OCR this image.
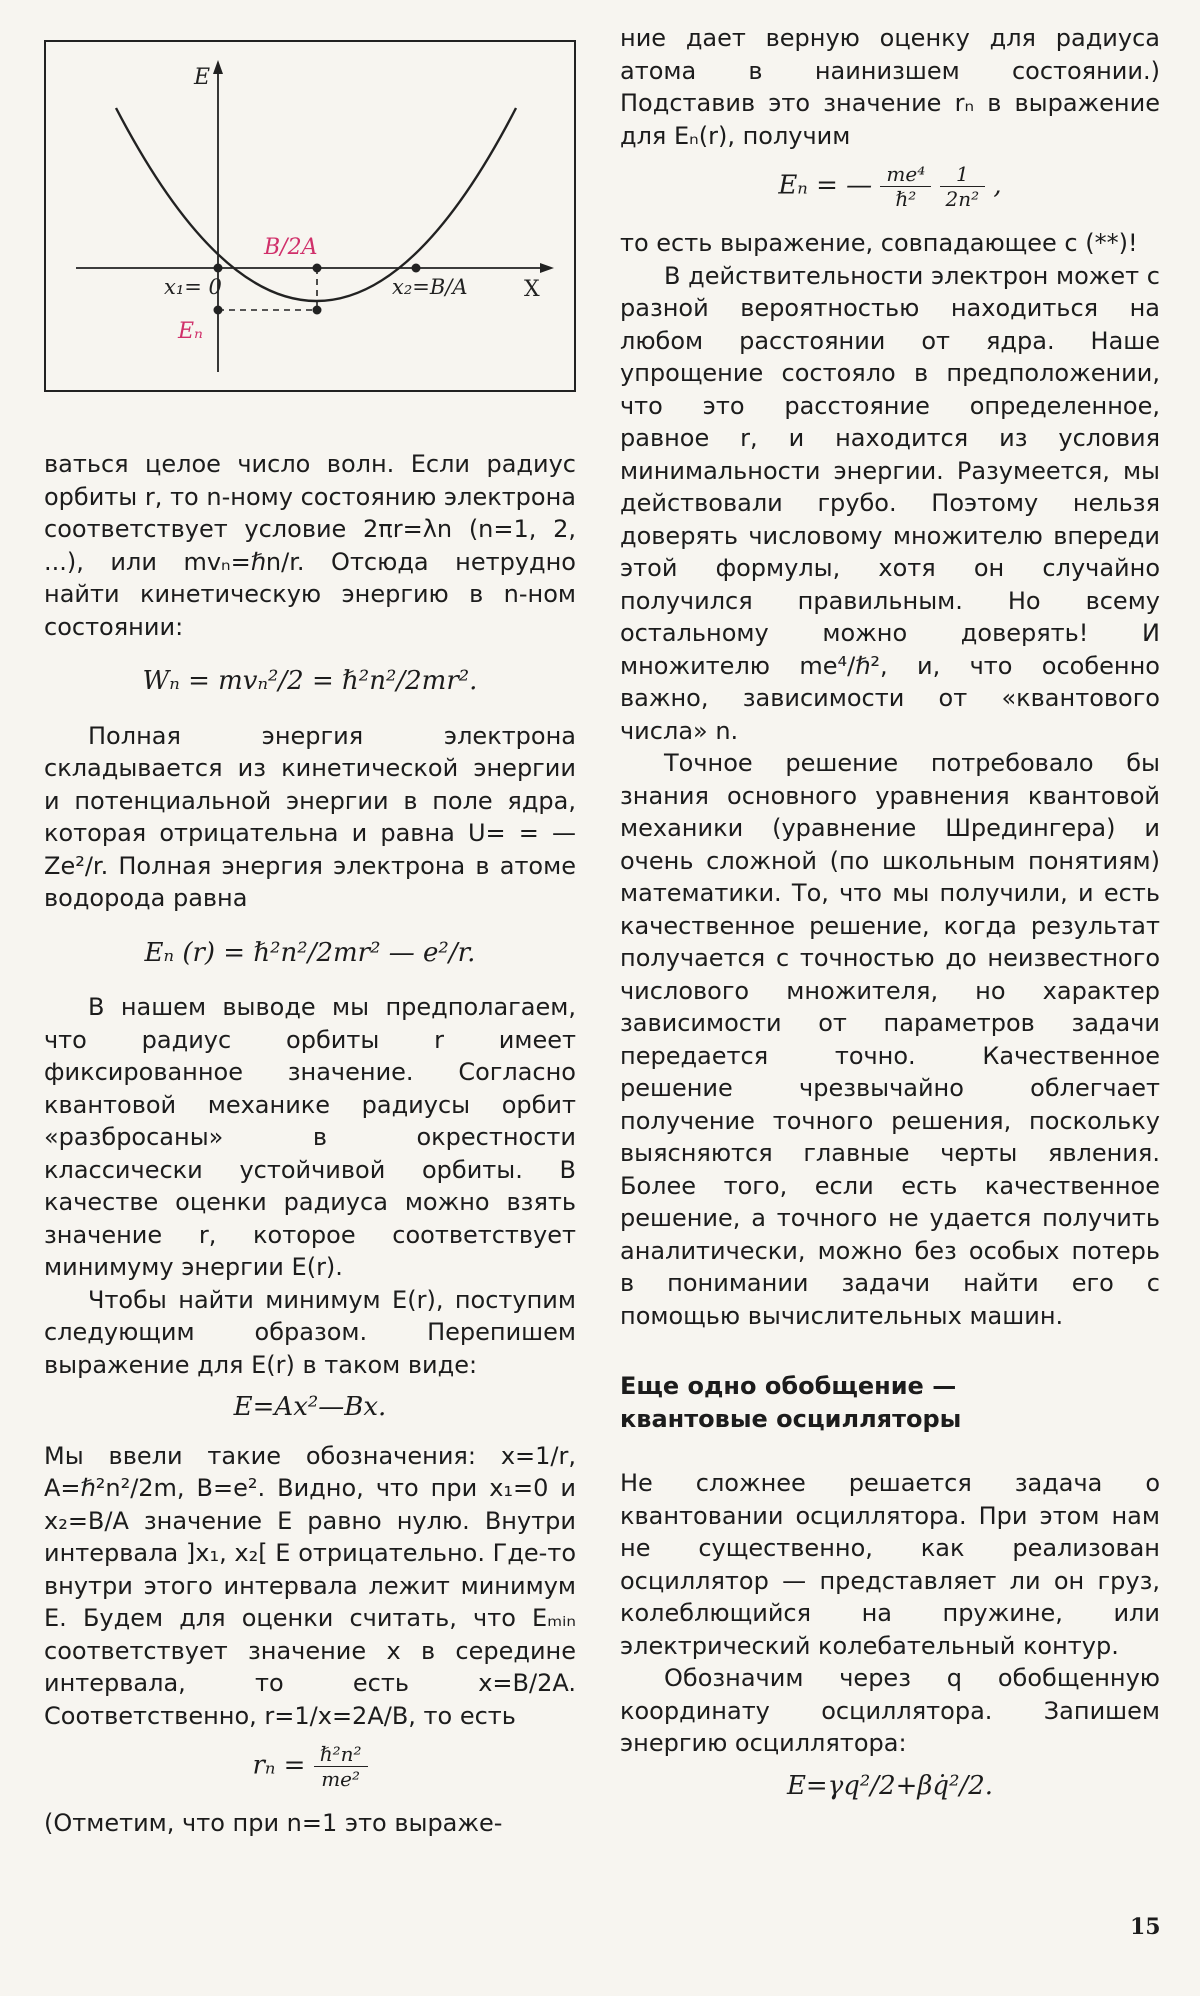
E
X
x₁= 0	x₂=B/A
B/2A
Eₙ

ваться целое число волн. Если радиус орбиты r, то n-ному состоянию электрона соответствует условие 2πr=λn (n=1, 2, ...), или mvₙ=ℏn/r. Отсюда нетрудно найти кинетическую энергию в n-ном состоянии:

Wₙ = mvₙ²/2 = ℏ²n²/2mr².

Полная энергия электрона складывается из кинетической энергии и потенциальной энергии в поле ядра, которая отрицательна и равна U= = —Ze²/r. Полная энергия электрона в атоме водорода равна

Eₙ (r) = ℏ²n²/2mr² — e²/r.

В нашем выводе мы предполагаем, что радиус орбиты r имеет фиксированное значение. Согласно квантовой механике радиусы орбит «разбросаны» в окрестности классически устойчивой орбиты. В качестве оценки радиуса можно взять значение r, которое соответствует минимуму энергии E(r).

Чтобы найти минимум E(r), поступим следующим образом. Перепишем выражение для E(r) в таком виде:

E=Ax²—Bx.

Мы ввели такие обозначения: x=1/r, A=ℏ²n²/2m, B=e². Видно, что при x₁=0 и x₂=B/A значение E равно нулю. Внутри интервала ]x₁, x₂[ E отрицательно. Где-то внутри этого интервала лежит минимум E. Будем для оценки считать, что Eₘᵢₙ соответствует значение x в середине интервала, то есть x=B/2A. Соответственно, r=1/x=2A/B, то есть

$r_n = \frac{\text{ℏ²n²}}{\text{me²}}$

(Отметим, что при n=1 это выраже-

ние дает верную оценку для радиуса атома в наинизшем состоянии.) Подставив это значение rₙ в выражение для Eₙ(r), получим

Eₙ = — $\frac{\text{me⁴}}{\text{ℏ²}}$
$\frac{1}{\text{2n²}}$ ,

то есть выражение, совпадающее с (**)!

В действительности электрон может с разной вероятностью находиться на любом расстоянии от ядра. Наше упрощение состояло в предположении, что это расстояние определенное, равное r, и находится из условия минимальности энергии. Разумеется, мы действовали грубо. Поэтому нельзя доверять числовому множителю впереди этой формулы, хотя он случайно получился правильным. Но всему остальному можно доверять! И множителю me⁴/ℏ², и, что особенно важно, зависимости от «квантового числа» n.

Точное решение потребовало бы знания основного уравнения квантовой механики (уравнение Шредингера) и очень сложной (по школьным понятиям) математики. То, что мы получили, и есть качественное решение, когда результат получается с точностью до неизвестного числового множителя, но характер зависимости от параметров задачи передается точно. Качественное решение чрезвычайно облегчает получение точного решения, поскольку выясняются главные черты явления. Более того, если есть качественное решение, а точного не удается получить аналитически, можно без особых потерь в понимании задачи найти его с помощью вычислительных машин.

Еще одно обобщение —

квантовые осцилляторы

Не сложнее решается задача о квантовании осциллятора. При этом нам не существенно, как реализован осциллятор — представляет ли он груз, колеблющийся на пружине, или электрический колебательный контур.

Обозначим через q обобщенную координату осциллятора. Запишем энергию осциллятора:

E=γq²/2+βq̇²/2.
15
